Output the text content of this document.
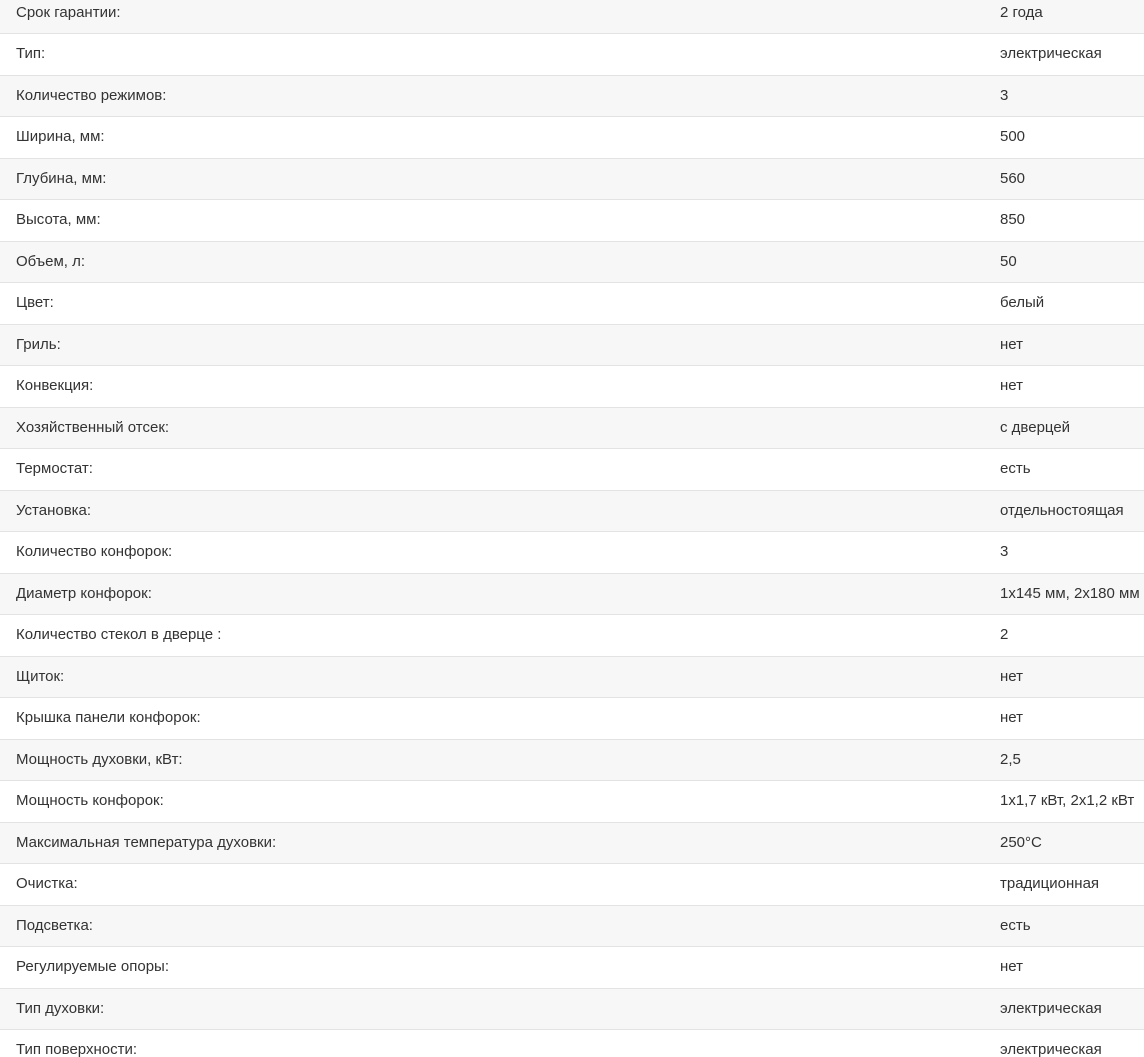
Срок гарантии:	2 года
Тип:	электрическая
Количество режимов:	3
Ширина, мм:	500
Глубина, мм:	560
Высота, мм:	850
Объем, л:	50
Цвет:	белый
Гриль:	нет
Конвекция:	нет
Хозяйственный отсек:	с дверцей
Термостат:	есть
Установка:	отдельностоящая
Количество конфорок:	3
Диаметр конфорок:	1x145 мм, 2x180 мм
Количество стекол в дверце :	2
Щиток:	нет
Крышка панели конфорок:	нет
Мощность духовки, кВт:	2,5
Мощность конфорок:	1x1,7 кВт, 2x1,2 кВт
Максимальная температура духовки:	250°C
Очистка:	традиционная
Подсветка:	есть
Регулируемые опоры:	нет
Тип духовки:	электрическая
Тип поверхности:	электрическая
